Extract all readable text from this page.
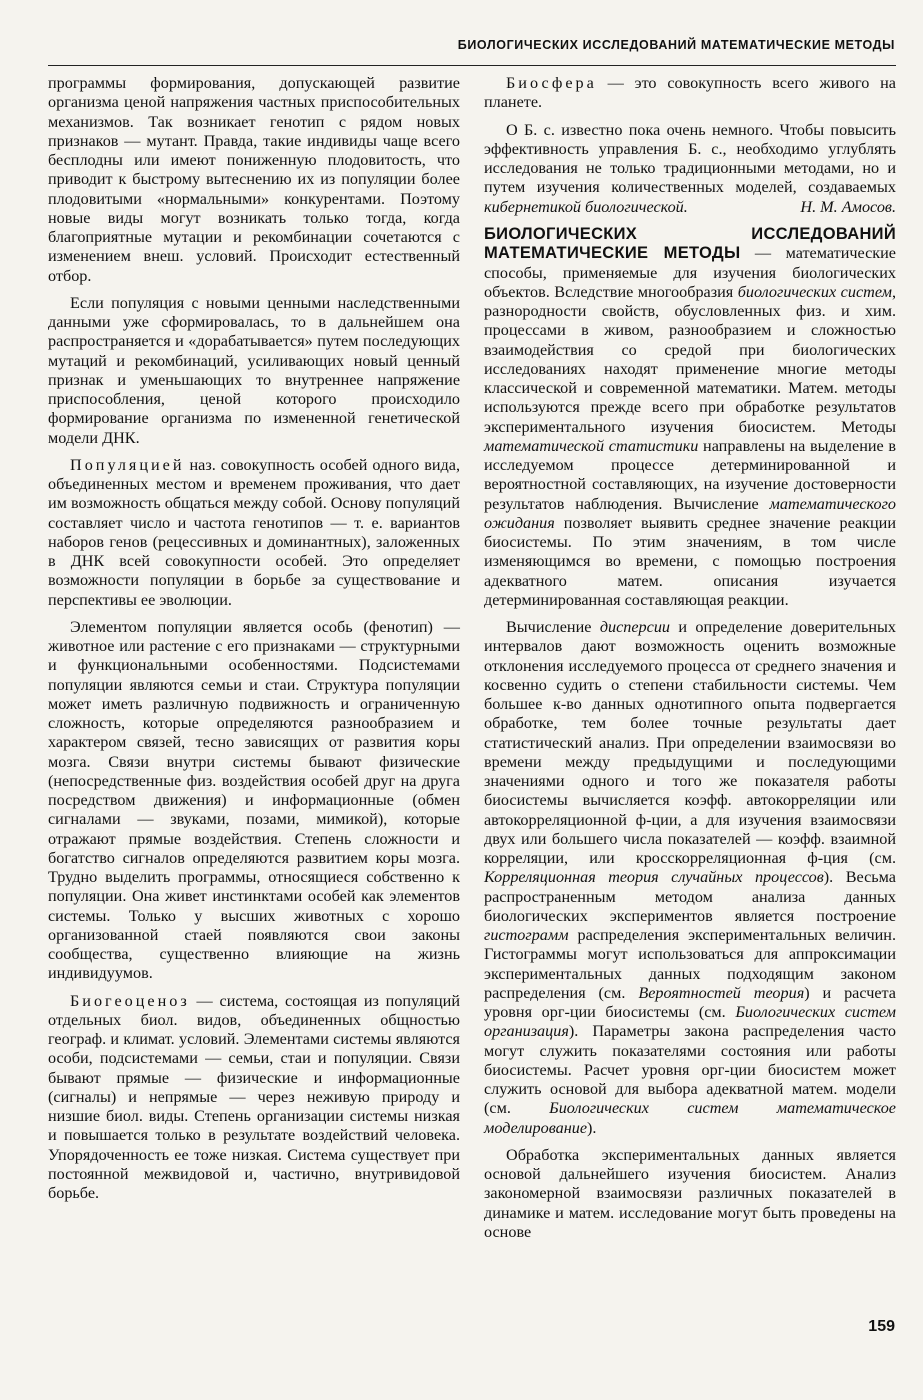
БИОЛОГИЧЕСКИХ ИССЛЕДОВАНИЙ МАТЕМАТИЧЕСКИЕ МЕТОДЫ

программы формирования, допускающей развитие организма ценой напряжения частных приспособительных механизмов. Так возникает генотип с рядом новых признаков — мутант. Правда, такие индивиды чаще всего бесплодны или имеют пониженную плодовитость, что приводит к быстрому вытеснению их из популяции более плодовитыми «нормальными» конкурентами. Поэтому новые виды могут возникать только тогда, когда благоприятные мутации и рекомбинации сочетаются с изменением внеш. условий. Происходит естественный отбор.

Если популяция с новыми ценными наследственными данными уже сформировалась, то в дальнейшем она распространяется и «дорабатывается» путем последующих мутаций и рекомбинаций, усиливающих новый ценный признак и уменьшающих то внутреннее напряжение приспособления, ценой которого происходило формирование организма по измененной генетической модели ДНК.

Популяцией наз. совокупность особей одного вида, объединенных местом и временем проживания, что дает им возможность общаться между собой. Основу популяций составляет число и частота генотипов — т. е. вариантов наборов генов (рецессивных и доминантных), заложенных в ДНК всей совокупности особей. Это определяет возможности популяции в борьбе за существование и перспективы ее эволюции.

Элементом популяции является особь (фенотип) — животное или растение с его признаками — структурными и функциональными особенностями. Подсистемами популяции являются семьи и стаи. Структура популяции может иметь различную подвижность и ограниченную сложность, которые определяются разнообразием и характером связей, тесно зависящих от развития коры мозга. Связи внутри системы бывают физические (непосредственные физ. воздействия особей друг на друга посредством движения) и информационные (обмен сигналами — звуками, позами, мимикой), которые отражают прямые воздействия. Степень сложности и богатство сигналов определяются развитием коры мозга. Трудно выделить программы, относящиеся собственно к популяции. Она живет инстинктами особей как элементов системы. Только у высших животных с хорошо организованной стаей появляются свои законы сообщества, существенно влияющие на жизнь индивидуумов.

Биогеоценоз — система, состоящая из популяций отдельных биол. видов, объединенных общностью географ. и климат. условий. Элементами системы являются особи, подсистемами — семьи, стаи и популяции. Связи бывают прямые — физические и информационные (сигналы) и непрямые — через неживую природу и низшие биол. виды. Степень организации системы низкая и повышается только в результате воздействий человека. Упорядоченность ее тоже низкая. Система существует при постоянной межвидовой и, частично, внутривидовой борьбе.

Биосфера — это совокупность всего живого на планете.

О Б. с. известно пока очень немного. Чтобы повысить эффективность управления Б. с., необходимо углублять исследования не только традиционными методами, но и путем изучения количественных моделей, создаваемых кибернетикой биологической.	Н. М. Амосов.

БИОЛОГИЧЕСКИХ ИССЛЕДОВАНИЙ МАТЕМАТИЧЕСКИЕ МЕТОДЫ — математические способы, применяемые для изучения биологических объектов. Вследствие многообразия биологических систем, разнородности свойств, обусловленных физ. и хим. процессами в живом, разнообразием и сложностью взаимодействия со средой при биологических исследованиях находят применение многие методы классической и современной математики. Матем. методы используются прежде всего при обработке результатов экспериментального изучения биосистем. Методы математической статистики направлены на выделение в исследуемом процессе детерминированной и вероятностной составляющих, на изучение достоверности результатов наблюдения. Вычисление математического ожидания позволяет выявить среднее значение реакции биосистемы. По этим значениям, в том числе изменяющимся во времени, с помощью построения адекватного матем. описания изучается детерминированная составляющая реакции.

Вычисление дисперсии и определение доверительных интервалов дают возможность оценить возможные отклонения исследуемого процесса от среднего значения и косвенно судить о степени стабильности системы. Чем большее к-во данных однотипного опыта подвергается обработке, тем более точные результаты дает статистический анализ. При определении взаимосвязи во времени между предыдущими и последующими значениями одного и того же показателя работы биосистемы вычисляется коэфф. автокорреляции или автокорреляционной ф-ции, а для изучения взаимосвязи двух или большего числа показателей — коэфф. взаимной корреляции, или кросскорреляционная ф-ция (см. Корреляционная теория случайных процессов). Весьма распространенным методом анализа данных биологических экспериментов является построение гистограмм распределения экспериментальных величин. Гистограммы могут использоваться для аппроксимации экспериментальных данных подходящим законом распределения (см. Вероятностей теория) и расчета уровня орг-ции биосистемы (см. Биологических систем организация). Параметры закона распределения часто могут служить показателями состояния или работы биосистемы. Расчет уровня орг-ции биосистем может служить основой для выбора адекватной матем. модели (см. Биологических систем математическое моделирование).

Обработка экспериментальных данных является основой дальнейшего изучения биосистем. Анализ закономерной взаимосвязи различных показателей в динамике и матем. исследование могут быть проведены на основе

159
